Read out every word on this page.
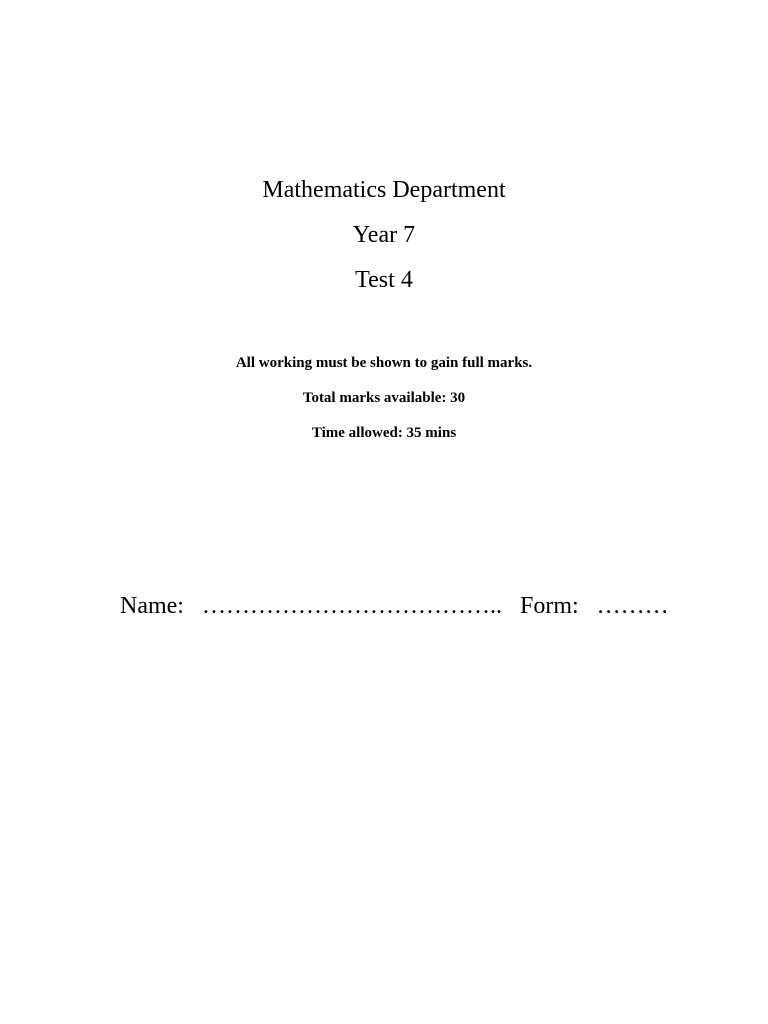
Mathematics Department
Year 7
Test 4
All working must be shown to gain full marks.
Total marks available: 30
Time allowed: 35 mins
Name: ……………………………….. Form: ………
